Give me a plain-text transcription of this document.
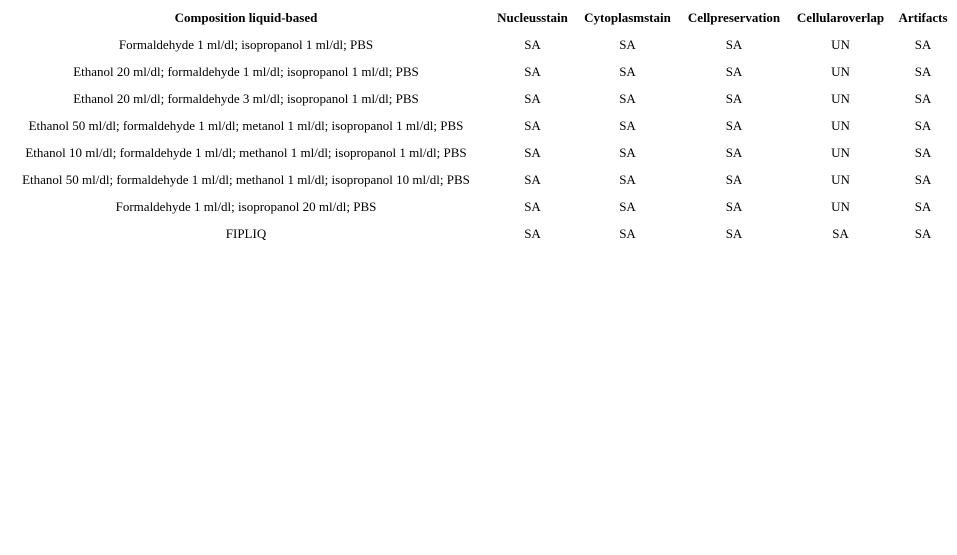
Composition liquid-based	Nucleusstain	Cytoplasmstain	Cellpreservation	Cellularoverlap	Artifacts
Formaldehyde 1 ml/dl; isopropanol 1 ml/dl; PBS	SA	SA	SA	UN	SA
Ethanol 20 ml/dl; formaldehyde 1 ml/dl; isopropanol 1 ml/dl; PBS	SA	SA	SA	UN	SA
Ethanol 20 ml/dl; formaldehyde 3 ml/dl; isopropanol 1 ml/dl; PBS	SA	SA	SA	UN	SA
Ethanol 50 ml/dl; formaldehyde 1 ml/dl; metanol 1 ml/dl; isopropanol 1 ml/dl; PBS	SA	SA	SA	UN	SA
Ethanol 10 ml/dl; formaldehyde 1 ml/dl; methanol 1 ml/dl; isopropanol 1 ml/dl; PBS	SA	SA	SA	UN	SA
Ethanol 50 ml/dl; formaldehyde 1 ml/dl; methanol 1 ml/dl; isopropanol 10 ml/dl; PBS	SA	SA	SA	UN	SA
Formaldehyde 1 ml/dl; isopropanol 20 ml/dl; PBS	SA	SA	SA	UN	SA
FIPLIQ	SA	SA	SA	SA	SA
